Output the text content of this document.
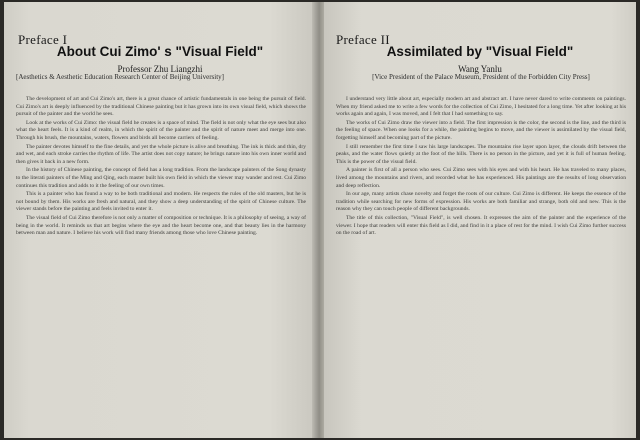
Preface I
About Cui Zimo' s "Visual Field"
Professor Zhu Liangzhi
[Aesthetics & Aesthetic Education Research Center of Beijing University]

The development of art and Cui Zimo's art, there is a great chance of artistic fundamentals in one being the pursuit of field. Cui Zimo's art is deeply influenced by the traditional Chinese painting but it has grown into its own visual field, which shows the pursuit of the painter and the world he sees.

Look at the works of Cui Zimo: the visual field he creates is a space of mind. The field is not only what the eye sees but also what the heart feels. It is a kind of realm, in which the spirit of the painter and the spirit of nature meet and merge into one. Through his brush, the mountains, waters, flowers and birds all become carriers of feeling.

The painter devotes himself to the fine details, and yet the whole picture is alive and breathing. The ink is thick and thin, dry and wet, and each stroke carries the rhythm of life. The artist does not copy nature; he brings nature into his own inner world and then gives it back in a new form.

In the history of Chinese painting, the concept of field has a long tradition. From the landscape painters of the Song dynasty to the literati painters of the Ming and Qing, each master built his own field in which the viewer may wander and rest. Cui Zimo continues this tradition and adds to it the feeling of our own times.

This is a painter who has found a way to be both traditional and modern. He respects the rules of the old masters, but he is not bound by them. His works are fresh and natural, and they show a deep understanding of the spirit of Chinese culture. The viewer stands before the painting and feels invited to enter it.

The visual field of Cui Zimo therefore is not only a matter of composition or technique. It is a philosophy of seeing, a way of being in the world. It reminds us that art begins where the eye and the heart become one, and that beauty lies in the harmony between man and nature. I believe his work will find many friends among those who love Chinese painting.

Preface II
Assimilated by "Visual Field"
Wang Yanlu
[Vice President of the Palace Museum, President of the Forbidden City Press]

I understand very little about art, especially modern art and abstract art. I have never dared to write comments on paintings. When my friend asked me to write a few words for the collection of Cui Zimo, I hesitated for a long time. Yet after looking at his works again and again, I was moved, and I felt that I had something to say.

The works of Cui Zimo draw the viewer into a field. The first impression is the color, the second is the line, and the third is the feeling of space. When one looks for a while, the painting begins to move, and the viewer is assimilated by the visual field, forgetting himself and becoming part of the picture.

I still remember the first time I saw his large landscapes. The mountains rise layer upon layer, the clouds drift between the peaks, and the water flows quietly at the foot of the hills. There is no person in the picture, and yet it is full of human feeling. This is the power of the visual field.

A painter is first of all a person who sees. Cui Zimo sees with his eyes and with his heart. He has traveled to many places, lived among the mountains and rivers, and recorded what he has experienced. His paintings are the results of long observation and deep reflection.

In our age, many artists chase novelty and forget the roots of our culture. Cui Zimo is different. He keeps the essence of the tradition while searching for new forms of expression. His works are both familiar and strange, both old and new. This is the reason why they can touch people of different backgrounds.

The title of this collection, "Visual Field", is well chosen. It expresses the aim of the painter and the experience of the viewer. I hope that readers will enter this field as I did, and find in it a place of rest for the mind. I wish Cui Zimo further success on the road of art.
